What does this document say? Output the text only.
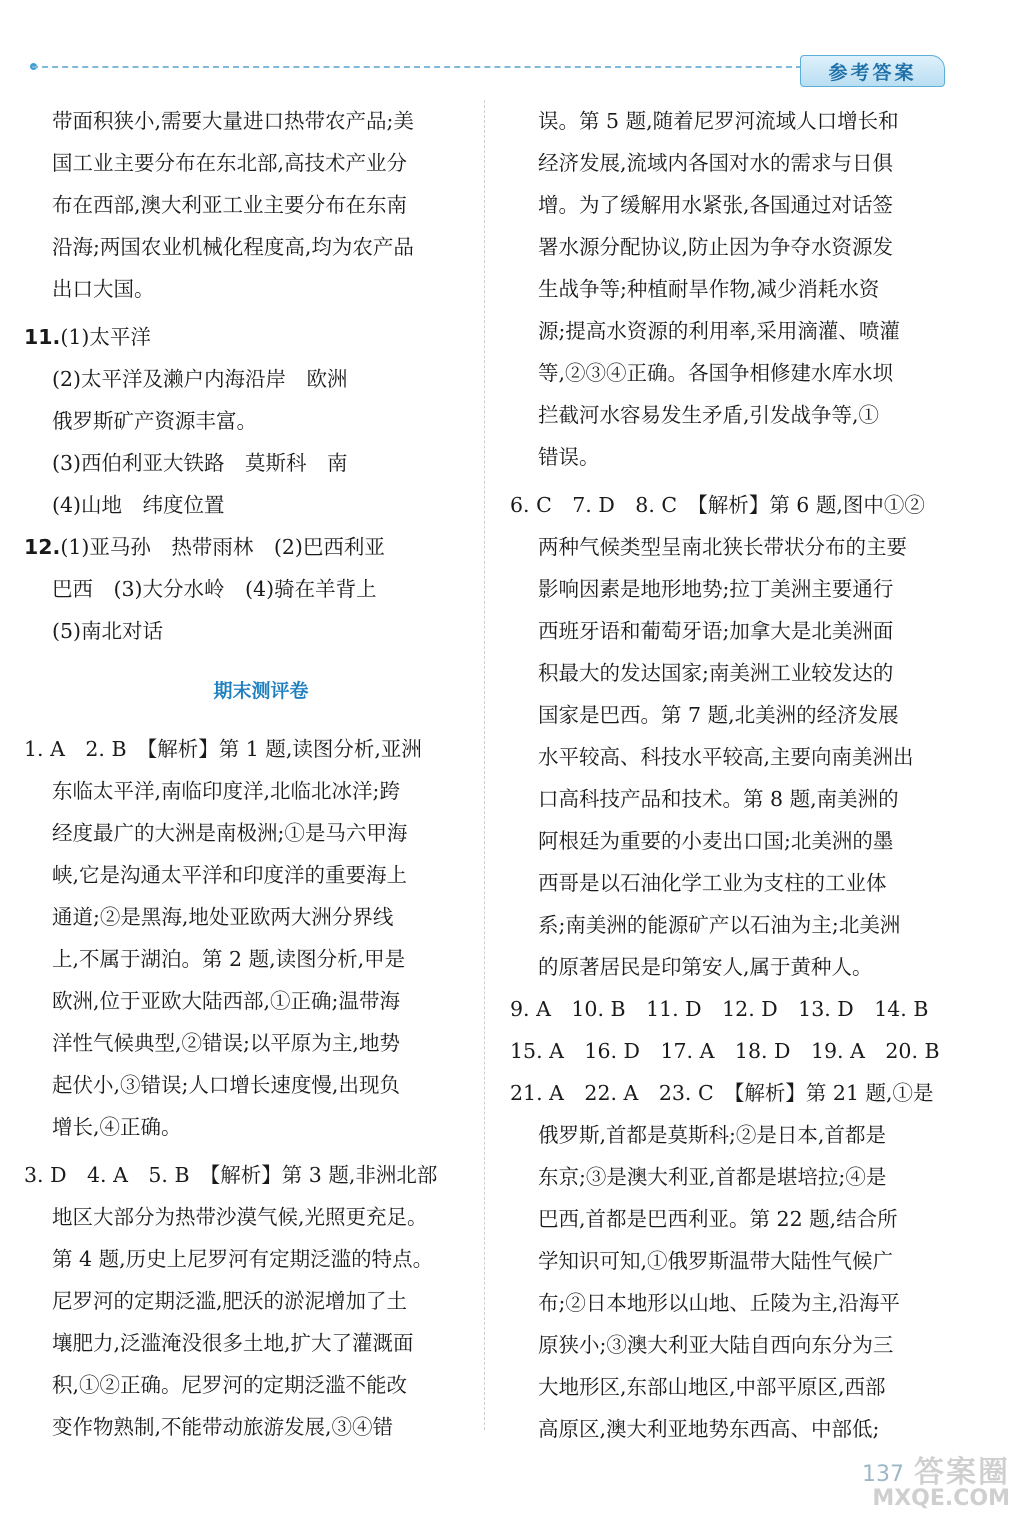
参考答案

带面积狭小,需要大量进口热带农产品;美

国工业主要分布在东北部,高技术产业分

布在西部,澳大利亚工业主要分布在东南

沿海;两国农业机械化程度高,均为农产品

出口大国。

11.(1)太平洋

(2)太平洋及濑户内海沿岸　欧洲

俄罗斯矿产资源丰富。

(3)西伯利亚大铁路　莫斯科　南

(4)山地　纬度位置

12.(1)亚马孙　热带雨林　(2)巴西利亚

巴西　(3)大分水岭　(4)骑在羊背上

(5)南北对话

期末测评卷

1. A　2. B　【解析】第 1 题,读图分析,亚洲

东临太平洋,南临印度洋,北临北冰洋;跨

经度最广的大洲是南极洲;①是马六甲海

峡,它是沟通太平洋和印度洋的重要海上

通道;②是黑海,地处亚欧两大洲分界线

上,不属于湖泊。第 2 题,读图分析,甲是

欧洲,位于亚欧大陆西部,①正确;温带海

洋性气候典型,②错误;以平原为主,地势

起伏小,③错误;人口增长速度慢,出现负

增长,④正确。

3. D　4. A　5. B　【解析】第 3 题,非洲北部

地区大部分为热带沙漠气候,光照更充足。

第 4 题,历史上尼罗河有定期泛滥的特点。

尼罗河的定期泛滥,肥沃的淤泥增加了土

壤肥力,泛滥淹没很多土地,扩大了灌溉面

积,①②正确。尼罗河的定期泛滥不能改

变作物熟制,不能带动旅游发展,③④错

误。第 5 题,随着尼罗河流域人口增长和

经济发展,流域内各国对水的需求与日俱

增。为了缓解用水紧张,各国通过对话签

署水源分配协议,防止因为争夺水资源发

生战争等;种植耐旱作物,减少消耗水资

源;提高水资源的利用率,采用滴灌、喷灌

等,②③④正确。各国争相修建水库水坝

拦截河水容易发生矛盾,引发战争等,①

错误。

6. C　7. D　8. C　【解析】第 6 题,图中①②

两种气候类型呈南北狭长带状分布的主要

影响因素是地形地势;拉丁美洲主要通行

西班牙语和葡萄牙语;加拿大是北美洲面

积最大的发达国家;南美洲工业较发达的

国家是巴西。第 7 题,北美洲的经济发展

水平较高、科技水平较高,主要向南美洲出

口高科技产品和技术。第 8 题,南美洲的

阿根廷为重要的小麦出口国;北美洲的墨

西哥是以石油化学工业为支柱的工业体

系;南美洲的能源矿产以石油为主;北美洲

的原著居民是印第安人,属于黄种人。

9. A　10. B　11. D　12. D　13. D　14. B

15. A　16. D　17. A　18. D　19. A　20. B

21. A　22. A　23. C　【解析】第 21 题,①是

俄罗斯,首都是莫斯科;②是日本,首都是

东京;③是澳大利亚,首都是堪培拉;④是

巴西,首都是巴西利亚。第 22 题,结合所

学知识可知,①俄罗斯温带大陆性气候广

布;②日本地形以山地、丘陵为主,沿海平

原狭小;③澳大利亚大陆自西向东分为三

大地形区,东部山地区,中部平原区,西部

高原区,澳大利亚地势东西高、中部低;

137 答案圈
MXQE.COM
